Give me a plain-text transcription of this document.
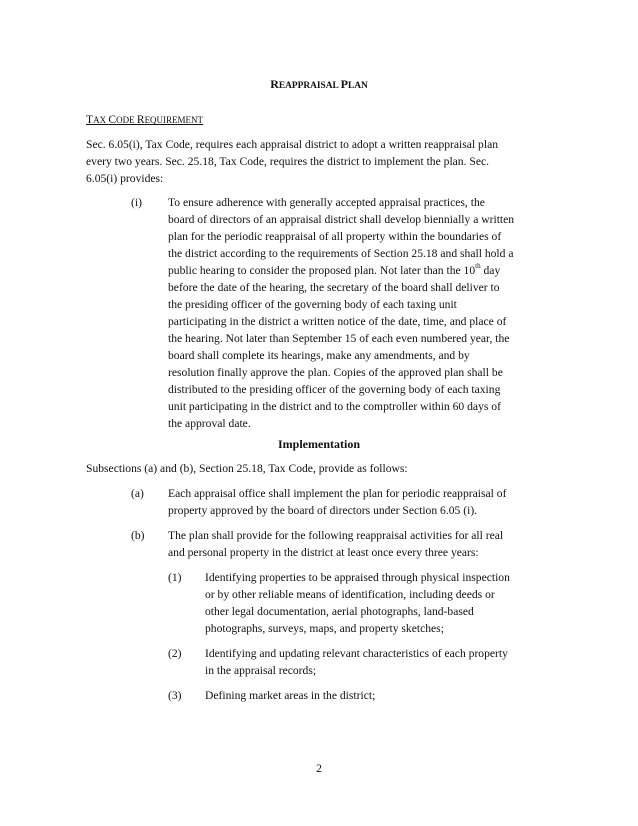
REAPPRAISAL PLAN
TAX CODE REQUIREMENT
Sec. 6.05(i), Tax Code, requires each appraisal district to adopt a written reappraisal plan
every two years. Sec. 25.18, Tax Code, requires the district to implement the plan. Sec.
6.05(i) provides:
(i) To ensure adherence with generally accepted appraisal practices, the
board of directors of an appraisal district shall develop biennially a written
plan for the periodic reappraisal of all property within the boundaries of
the district according to the requirements of Section 25.18 and shall hold a
public hearing to consider the proposed plan. Not later than the 10th day
before the date of the hearing, the secretary of the board shall deliver to
the presiding officer of the governing body of each taxing unit
participating in the district a written notice of the date, time, and place of
the hearing. Not later than September 15 of each even numbered year, the
board shall complete its hearings, make any amendments, and by
resolution finally approve the plan. Copies of the approved plan shall be
distributed to the presiding officer of the governing body of each taxing
unit participating in the district and to the comptroller within 60 days of
the approval date.
Implementation
Subsections (a) and (b), Section 25.18, Tax Code, provide as follows:
(a) Each appraisal office shall implement the plan for periodic reappraisal of
property approved by the board of directors under Section 6.05 (i).
(b) The plan shall provide for the following reappraisal activities for all real
and personal property in the district at least once every three years:
(1) Identifying properties to be appraised through physical inspection
or by other reliable means of identification, including deeds or
other legal documentation, aerial photographs, land-based
photographs, surveys, maps, and property sketches;
(2) Identifying and updating relevant characteristics of each property
in the appraisal records;
(3) Defining market areas in the district;
2
